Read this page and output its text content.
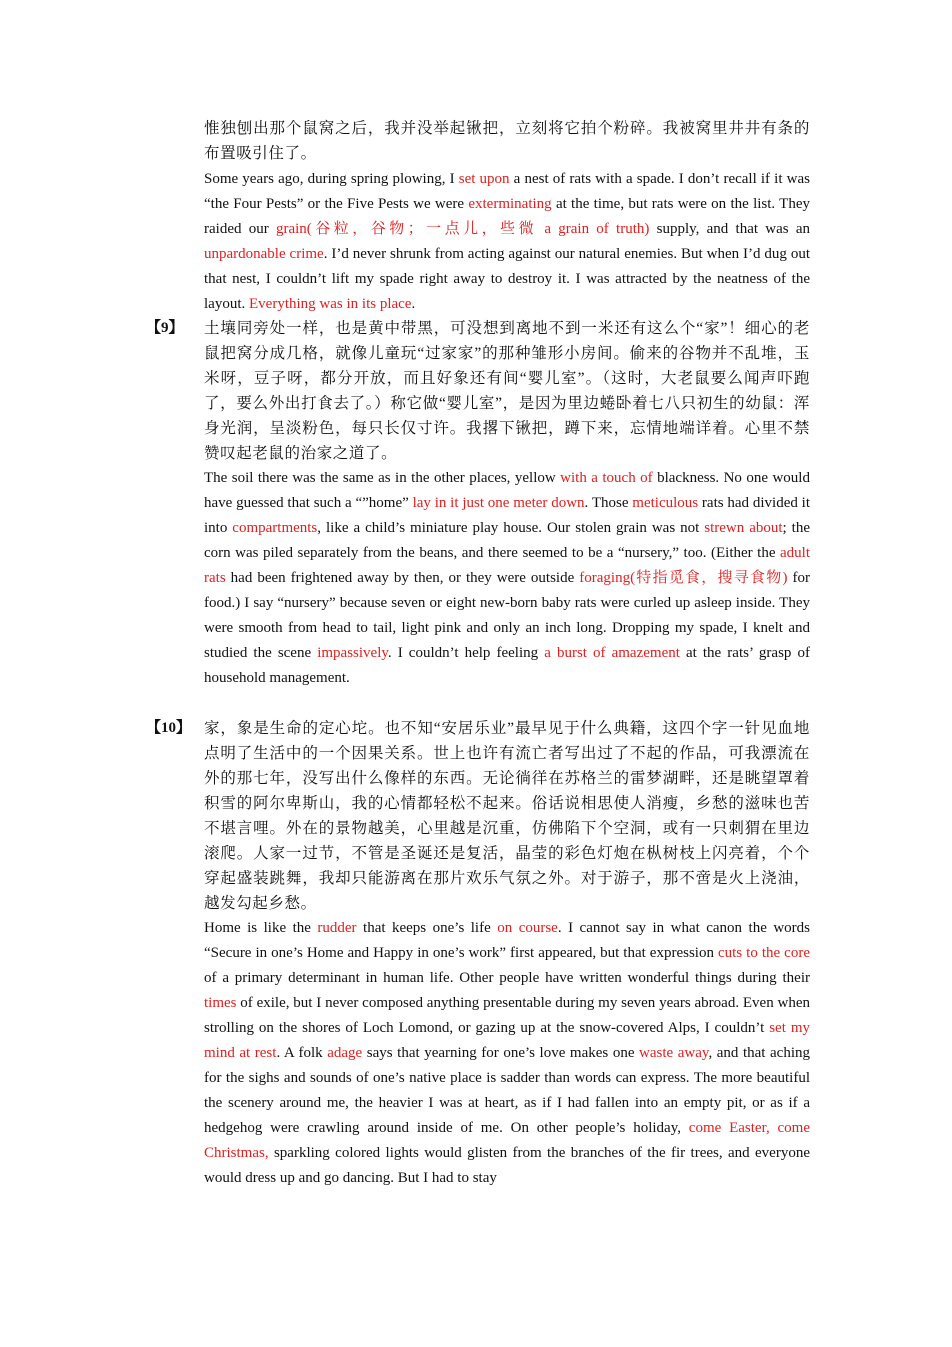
惟独刨出那个鼠窝之后，我并没举起锹把，立刻将它拍个粉碎。我被窝里井井有条的布置吸引住了。

Some years ago, during spring plowing, I set upon a nest of rats with a spade. I don’t recall if it was “the Four Pests” or the Five Pests we were exterminating at the time, but rats were on the list. They raided our grain(谷粒，谷物；一点儿，些微 a grain of truth) supply, and that was an unpardonable crime. I’d never shrunk from acting against our natural enemies. But when I’d dug out that nest, I couldn’t lift my spade right away to destroy it. I was attracted by the neatness of the layout. Everything was in its place.

【9】 土壤同旁处一样，也是黄中带黑，可没想到离地不到一米还有这么个“家”！细心的老鼠把窝分成几格，就像儿童玩“过家家”的那种雏形小房间。偷来的谷物并不乱堆，玉米呀，豆子呀，都分开放，而且好象还有间“婴儿室”。（这时，大老鼠要么闻声吓跑了，要么外出打食去了。）称它做“婴儿室”，是因为里边蜷卧着七八只初生的幼鼠：浑身光润，呈淡粉色，每只长仅寸许。我撂下锹把，蹲下来，忘情地端详着。心里不禁赞叹起老鼠的治家之道了。

The soil there was the same as in the other places, yellow with a touch of blackness. No one would have guessed that such a “”home” lay in it just one meter down. Those meticulous rats had divided it into compartments, like a child’s miniature play house. Our stolen grain was not strewn about; the corn was piled separately from the beans, and there seemed to be a “nursery,” too. (Either the adult rats had been frightened away by then, or they were outside foraging(特指觅食，搜寻食物) for food.) I say “nursery” because seven or eight new-born baby rats were curled up asleep inside. They were smooth from head to tail, light pink and only an inch long. Dropping my spade, I knelt and studied the scene impassively. I couldn’t help feeling a burst of amazement at the rats’ grasp of household management.

【10】 家，象是生命的定心坨。也不知“安居乐业”最早见于什么典籍，这四个字一针见血地点明了生活中的一个因果关系。世上也许有流亡者写出过了不起的作品，可我漂流在外的那七年，没写出什么像样的东西。无论徜徉在苏格兰的雷梦湖畔，还是眺望罩着积雪的阿尔卑斯山，我的心情都轻松不起来。俗话说相思使人消瘦，乡愁的滋味也苦不堪言哩。外在的景物越美，心里越是沉重，仿佛陷下个空洞，或有一只刺猬在里边滚爬。人家一过节，不管是圣诞还是复活，晶莹的彩色灯炮在枞树枝上闪亮着，个个穿起盛装跳舞，我却只能游离在那片欢乐气氛之外。对于游子，那不啻是火上浇油，越发勾起乡愁。

Home is like the rudder that keeps one’s life on course. I cannot say in what canon the words “Secure in one’s Home and Happy in one’s work” first appeared, but that expression cuts to the core of a primary determinant in human life. Other people have written wonderful things during their times of exile, but I never composed anything presentable during my seven years abroad. Even when strolling on the shores of Loch Lomond, or gazing up at the snow-covered Alps, I couldn’t set my mind at rest. A folk adage says that yearning for one’s love makes one waste away, and that aching for the sighs and sounds of one’s native place is sadder than words can express. The more beautiful the scenery around me, the heavier I was at heart, as if I had fallen into an empty pit, or as if a hedgehog were crawling around inside of me. On other people’s holiday, come Easter, come Christmas, sparkling colored lights would glisten from the branches of the fir trees, and everyone would dress up and go dancing. But I had to stay
